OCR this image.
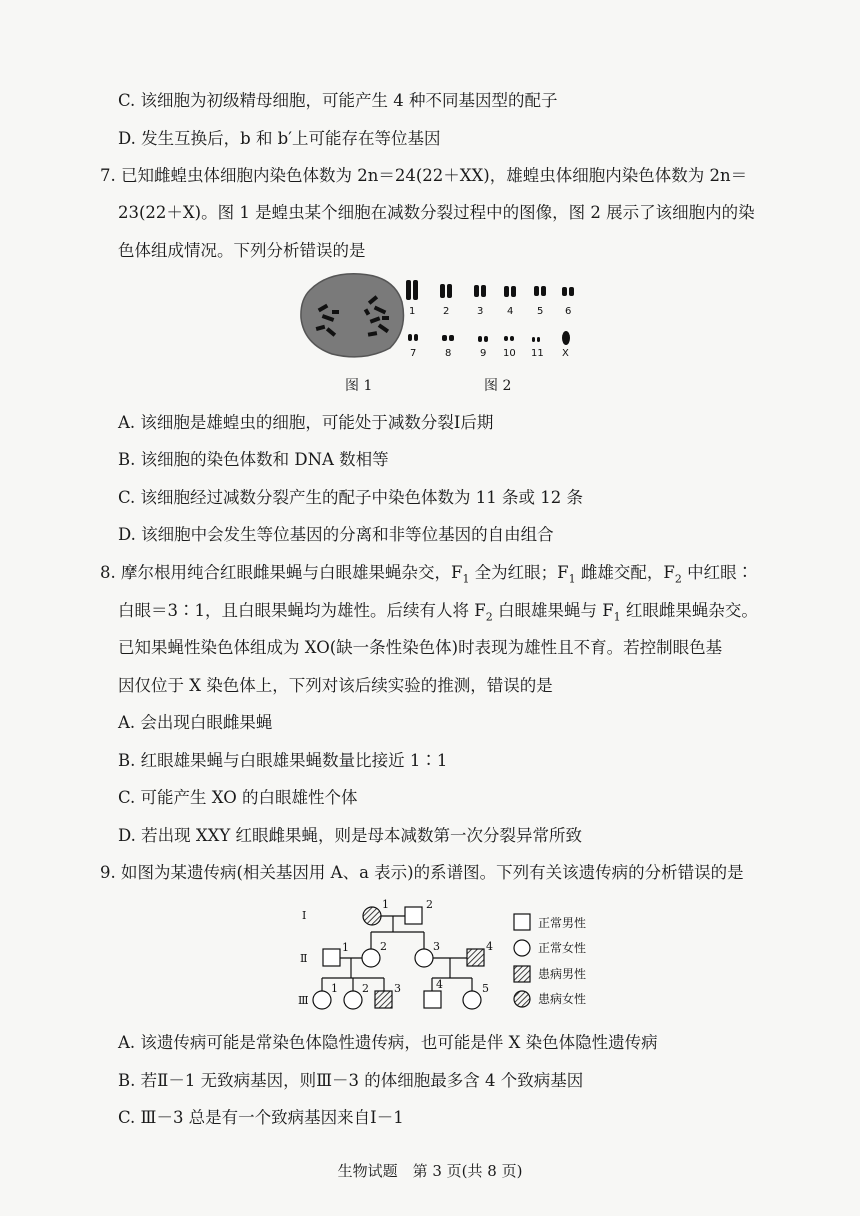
C. 该细胞为初级精母细胞，可能产生 4 种不同基因型的配子
D. 发生互换后，b 和 b′上可能存在等位基因
7. 已知雌蝗虫体细胞内染色体数为 2n＝24(22＋XX)，雄蝗虫体细胞内染色体数为 2n＝
23(22＋X)。图 1 是蝗虫某个细胞在减数分裂过程中的图像，图 2 展示了该细胞内的染
色体组成情况。下列分析错误的是
1	2	3 4 5 6
7	8	9 10 11 X
图 1	图 2
A. 该细胞是雄蝗虫的细胞，可能处于减数分裂Ⅰ后期
B. 该细胞的染色体数和 DNA 数相等
C. 该细胞经过减数分裂产生的配子中染色体数为 11 条或 12 条
D. 该细胞中会发生等位基因的分离和非等位基因的自由组合
8. 摩尔根用纯合红眼雌果蝇与白眼雄果蝇杂交，$F_1$ 全为红眼；$F_1$ 雌雄交配，$F_2$ 中红眼∶
白眼＝3∶1，且白眼果蝇均为雄性。后续有人将 $F_2$ 白眼雄果蝇与 $F_1$ 红眼雌果蝇杂交。
已知果蝇性染色体组成为 XO(缺一条性染色体)时表现为雄性且不育。若控制眼色基
因仅位于 X 染色体上，下列对该后续实验的推测，错误的是
A. 会出现白眼雌果蝇
B. 红眼雄果蝇与白眼雄果蝇数量比接近 1∶1
C. 可能产生 XO 的白眼雄性个体
D. 若出现 XXY 红眼雌果蝇，则是母本减数第一次分裂异常所致
9. 如图为某遗传病(相关基因用 A、a 表示)的系谱图。下列有关该遗传病的分析错误的是
Ⅰ
Ⅱ
Ⅲ
1	2
1	2	3	4
1 2 3	4	5
正常男性
正常女性
患病男性
患病女性
A. 该遗传病可能是常染色体隐性遗传病，也可能是伴 X 染色体隐性遗传病
B. 若Ⅱ－1 无致病基因，则Ⅲ－3 的体细胞最多含 4 个致病基因
C. Ⅲ－3 总是有一个致病基因来自Ⅰ－1
生物试题　第 3 页(共 8 页)
